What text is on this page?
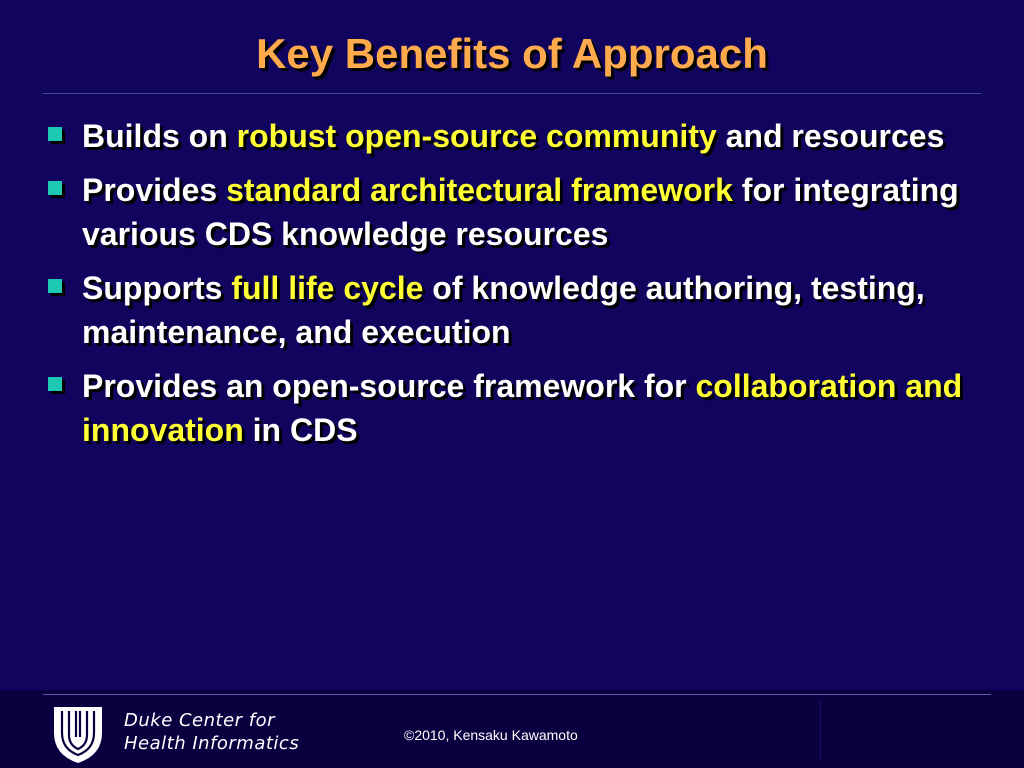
Key Benefits of Approach
Builds on robust open-source community and resources
Provides standard architectural framework for integrating various CDS knowledge resources
Supports full life cycle of knowledge authoring, testing, maintenance, and execution
Provides an open-source framework for collaboration and innovation in CDS
Duke Center for
Health Informatics	©2010, Kensaku Kawamoto
